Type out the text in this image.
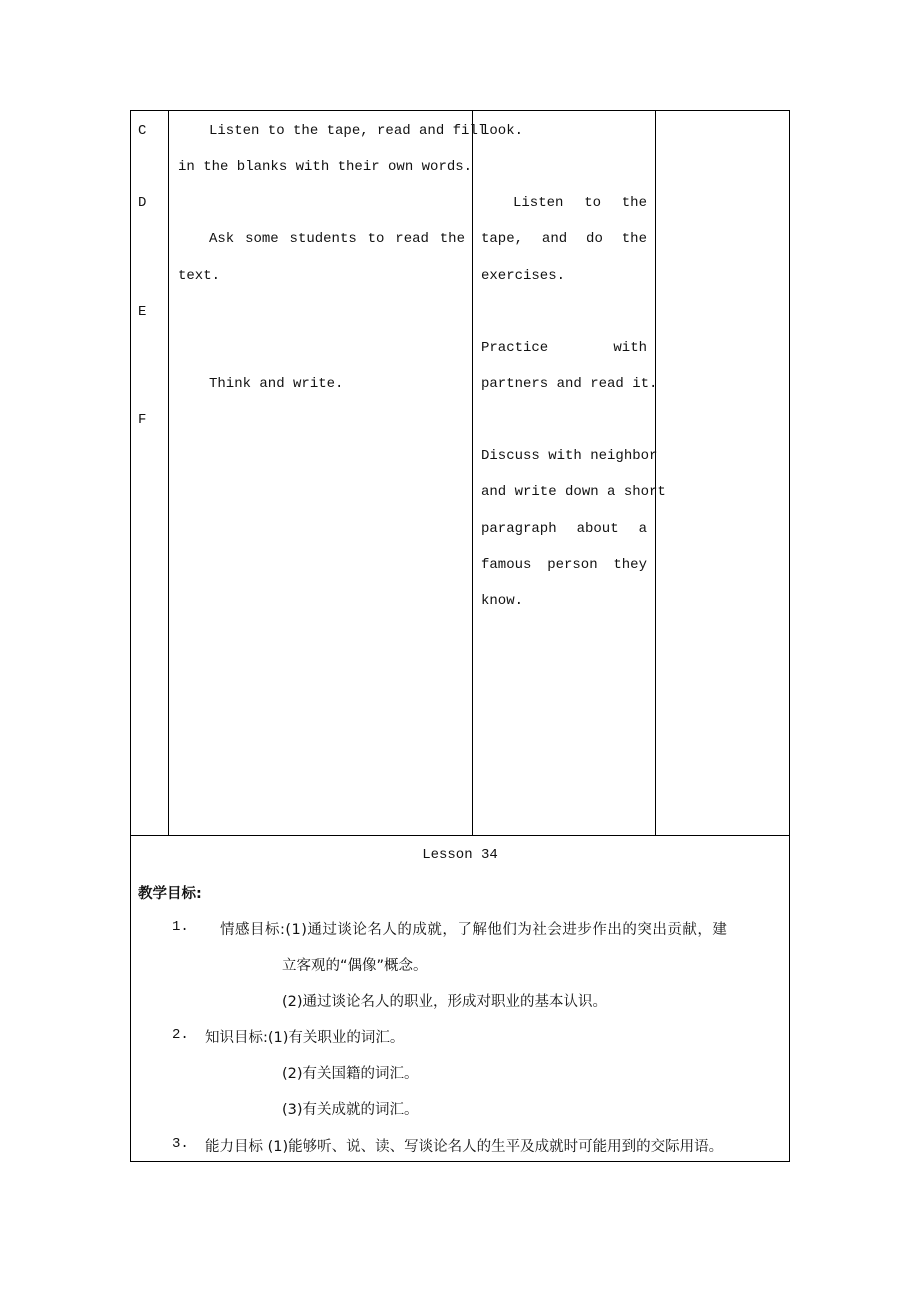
C
D
E
F
Listen to the tape, read and fill
in the blanks with their own words.
Ask some students to read the
text.
Think and write.
look.
Listen to the
tape, and do the
exercises.
Practice	with
partners and read it.
Discuss with neighbor
and write down a short
paragraph about a
famous person they
know.
Lesson 34
教学目标:
1. 情感目标:(1)通过谈论名人的成就，了解他们为社会进步作出的突出贡献，建
立客观的“偶像”概念。
(2)通过谈论名人的职业，形成对职业的基本认识。
2. 知识目标:(1)有关职业的词汇。
(2)有关国籍的词汇。
(3)有关成就的词汇。
3. 能力目标 (1)能够听、说、读、写谈论名人的生平及成就时可能用到的交际用语。
